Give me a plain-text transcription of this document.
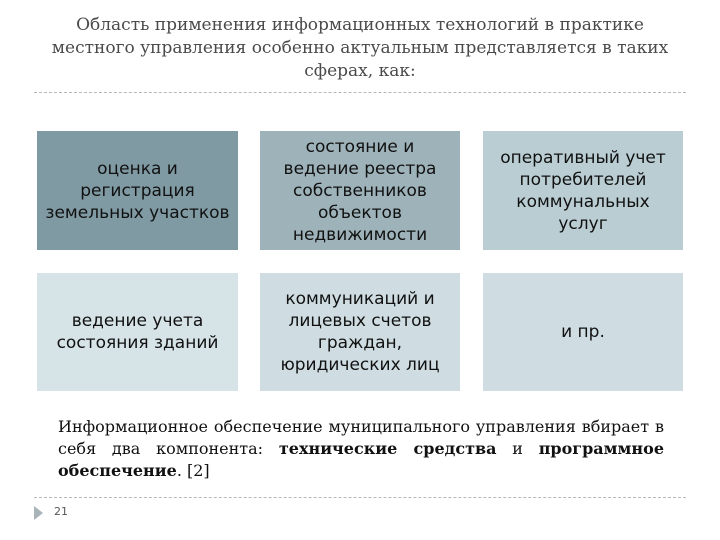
Область применения информационных технологий в практике местного управления особенно актуальным представляется в таких сферах, как:
оценка и регистрация земельных участков
состояние и ведение реестра собственников объектов недвижимости
оперативный учет потребителей коммунальных услуг
ведение учета состояния зданий
коммуникаций и лицевых счетов граждан, юридических лиц
и пр.

Информационное обеспечение муниципального управления вбирает в себя два компонента: технические средства и программное обеспечение. [2]

21
